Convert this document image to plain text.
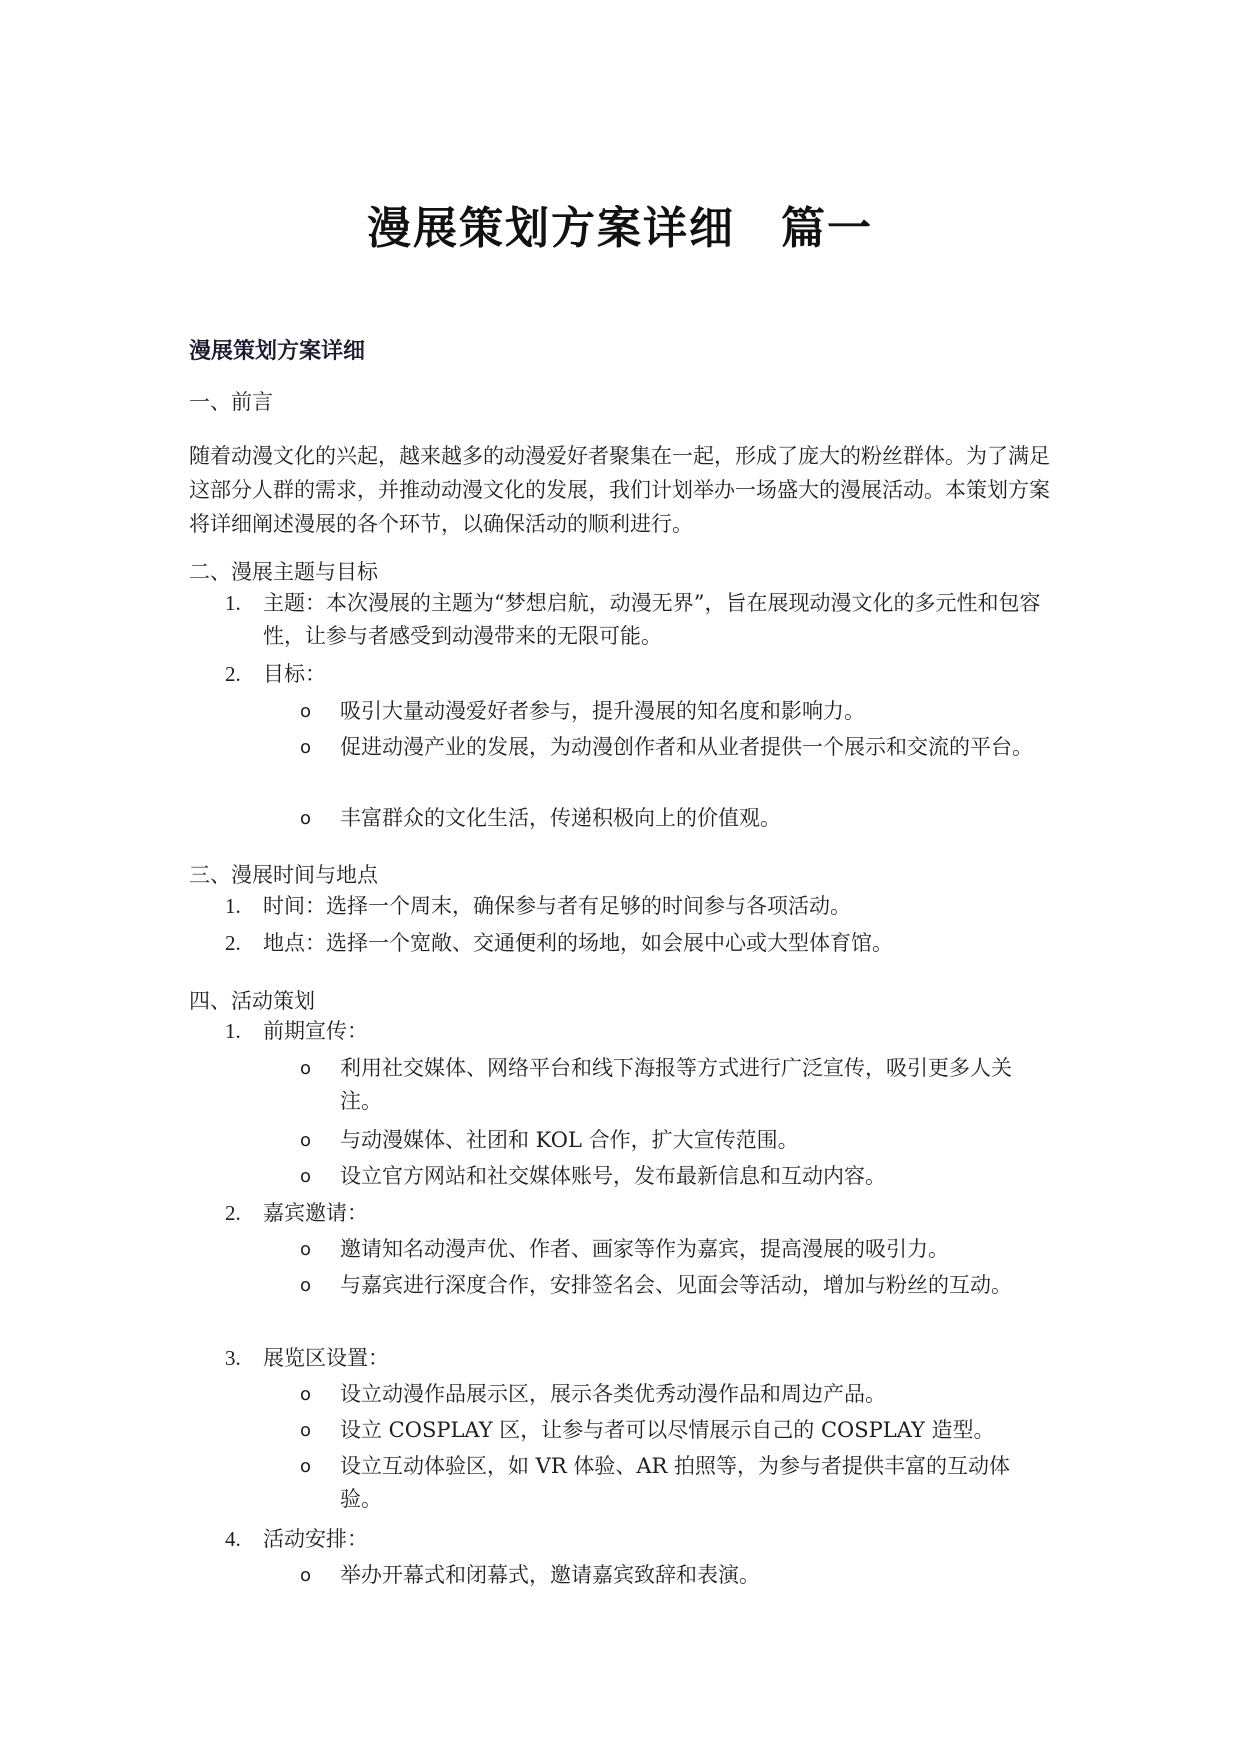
漫展策划方案详细　篇一
漫展策划方案详细
一、前言
随着动漫文化的兴起，越来越多的动漫爱好者聚集在一起，形成了庞大的粉丝群体。为了满足这部分人群的需求，并推动动漫文化的发展，我们计划举办一场盛大的漫展活动。本策划方案将详细阐述漫展的各个环节，以确保活动的顺利进行。
二、漫展主题与目标
1.	主题：本次漫展的主题为“梦想启航，动漫无界”，旨在展现动漫文化的多元性和包容性，让参与者感受到动漫带来的无限可能。
2.	目标：
o 吸引大量动漫爱好者参与，提升漫展的知名度和影响力。
o 促进动漫产业的发展，为动漫创作者和从业者提供一个展示和交流的平台。
o 丰富群众的文化生活，传递积极向上的价值观。
三、漫展时间与地点
1.	时间：选择一个周末，确保参与者有足够的时间参与各项活动。
2.	地点：选择一个宽敞、交通便利的场地，如会展中心或大型体育馆。
四、活动策划
1.	前期宣传：
o 利用社交媒体、网络平台和线下海报等方式进行广泛宣传，吸引更多人关注。
o 与动漫媒体、社团和 KOL 合作，扩大宣传范围。
o 设立官方网站和社交媒体账号，发布最新信息和互动内容。
2.	嘉宾邀请：
o 邀请知名动漫声优、作者、画家等作为嘉宾，提高漫展的吸引力。
o 与嘉宾进行深度合作，安排签名会、见面会等活动，增加与粉丝的互动。
3.	展览区设置：
o 设立动漫作品展示区，展示各类优秀动漫作品和周边产品。
o 设立 COSPLAY 区，让参与者可以尽情展示自己的 COSPLAY 造型。
o 设立互动体验区，如 VR 体验、AR 拍照等，为参与者提供丰富的互动体验。
4.	活动安排：
o 举办开幕式和闭幕式，邀请嘉宾致辞和表演。
